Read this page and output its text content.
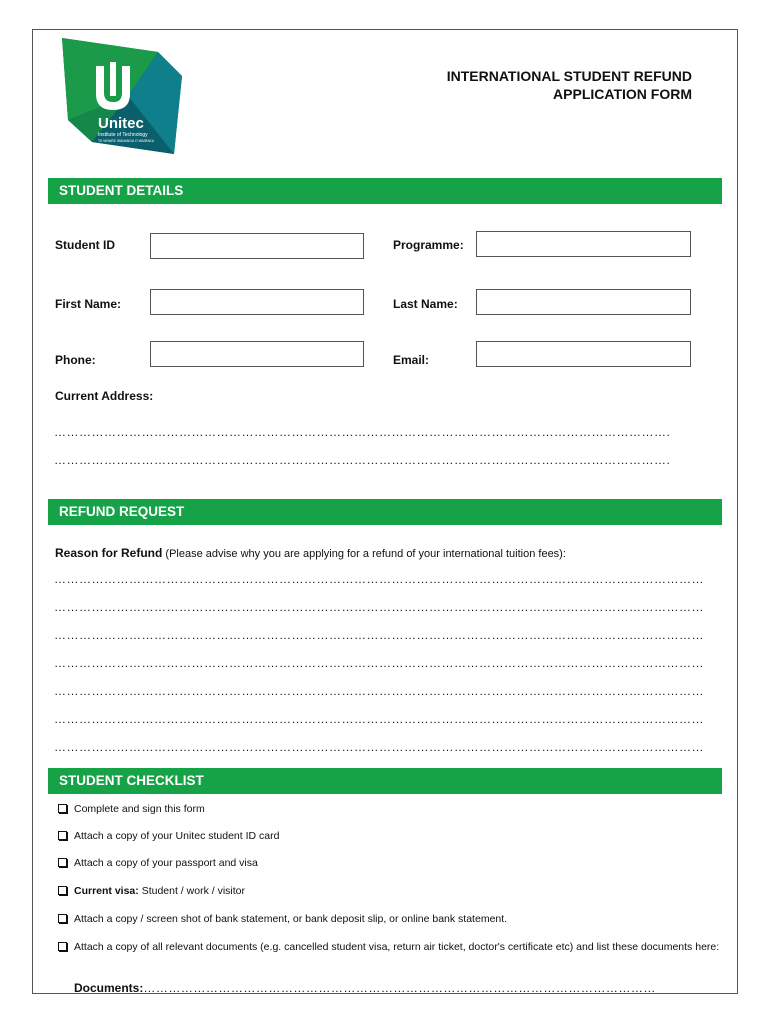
Unitec
Institute of Technology
TE WHARE WANANGA O WAIRAKA
INTERNATIONAL STUDENT REFUND
APPLICATION FORM
STUDENT DETAILS
Student ID	Programme:
First Name:	Last Name:
Phone:	Email:
Current Address:
………………………………………………………………………………………………………………………………….
………………………………………………………………………………………………………………………………….
REFUND REQUEST
Reason for Refund (Please advise why you are applying for a refund of your international tuition fees):
…………………………………………………………………………………………………………………………………………
…………………………………………………………………………………………………………………………………………
…………………………………………………………………………………………………………………………………………
…………………………………………………………………………………………………………………………………………
…………………………………………………………………………………………………………………………………………
…………………………………………………………………………………………………………………………………………
…………………………………………………………………………………………………………………………………………
STUDENT CHECKLIST
Complete and sign this form
Attach a copy of your Unitec student ID card
Attach a copy of your passport and visa
Current visa: Student / work / visitor
Attach a copy / screen shot of bank statement, or bank deposit slip, or online bank statement.
Attach a copy of all relevant documents (e.g. cancelled student visa, return air ticket, doctor's certificate etc) and list these documents here:
Documents:……………………………………………………………………………………………………………
